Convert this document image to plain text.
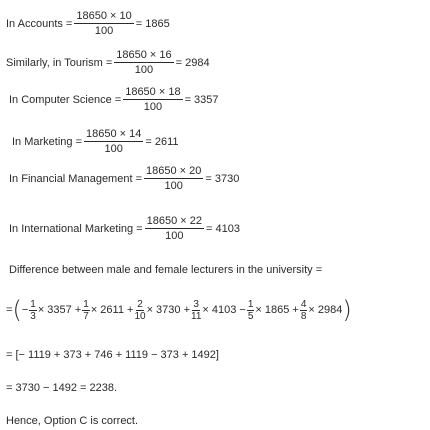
In Accounts = $\frac{18650 \times 10}{100} = 1865$
Similarly, in Tourism = $\frac{18650 \times 16}{100} = 2984$
In Computer Science = $\frac{18650 \times 18}{100} = 3357$
In Marketing = $\frac{18650 \times 14}{100} = 2611$
In Financial Management = $\frac{18650 \times 20}{100} = 3730$
In International Marketing = $\frac{18650 \times 22}{100} = 4103$
Difference between male and female lecturers in the university =
= ( − $\frac{1}{3} \times 3357 + \frac{1}{7} \times 2611 + \frac{2}{10} \times 3730 + \frac{3}{11} \times 4103 - \frac{1}{5} \times 1865 + \frac{4}{8} \times 2984$ )
= [− 1119 + 373 + 746 + 1119 − 373 + 1492]
= 3730 − 1492 = 2238.
Hence, Option C is correct.
